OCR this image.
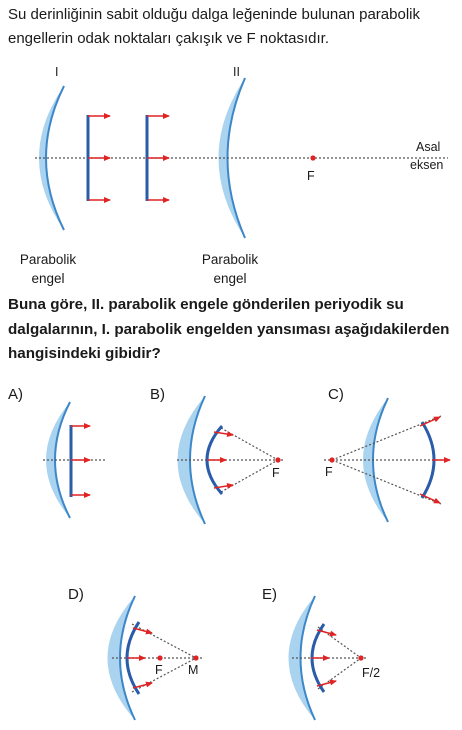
Su derinliğinin sabit olduğu dalga leğeninde bulunan parabolik engellerin odak noktaları çakışık ve F noktasıdır.
F
I	II
Asal
eksen
F	F
F M	F/2
Parabolik
engel
Parabolik
engel
Buna göre, II. parabolik engele gönderilen periyodik su dalgalarının, I. parabolik engelden yansıması aşağıdakilerden hangisindeki gibidir?
A)	B)	C)
D)	E)
